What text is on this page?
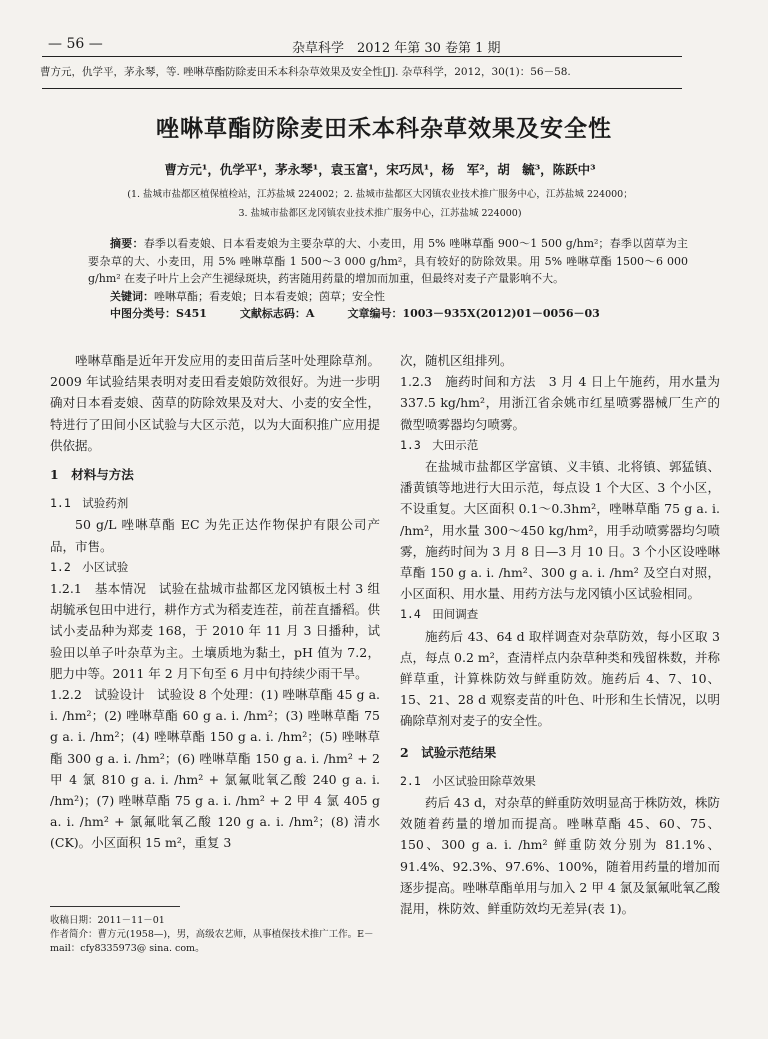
— 56 —	杂草科学　2012 年第 30 卷第 1 期
曹方元，仇学平，茅永琴，等. 唑啉草酯防除麦田禾本科杂草效果及安全性[J]. 杂草科学，2012，30(1)：56－58.
唑啉草酯防除麦田禾本科杂草效果及安全性
曹方元¹，仇学平¹，茅永琴¹，袁玉富¹，宋巧凤¹，杨　军²，胡　毓³，陈跃中³
(1. 盐城市盐都区植保植检站，江苏盐城 224002；2. 盐城市盐都区大冈镇农业技术推广服务中心，江苏盐城 224000；
3. 盐城市盐都区龙冈镇农业技术推广服务中心，江苏盐城 224000)

摘要：春季以看麦娘、日本看麦娘为主要杂草的大、小麦田，用 5% 唑啉草酯 900～1 500 g/hm²；春季以茵草为主要杂草的大、小麦田，用 5% 唑啉草酯 1 500～3 000 g/hm²，具有较好的防除效果。用 5% 唑啉草酯 1500～6 000 g/hm² 在麦子叶片上会产生褪绿斑块，药害随用药量的增加而加重，但最终对麦子产量影响不大。

关键词：唑啉草酯；看麦娘；日本看麦娘；茵草；安全性

中图分类号：S451　　　文献标志码：A　　　文章编号：1003－935X(2012)01－0056－03

唑啉草酯是近年开发应用的麦田苗后茎叶处理除草剂。2009 年试验结果表明对麦田看麦娘防效很好。为进一步明确对日本看麦娘、茵草的防除效果及对大、小麦的安全性，特进行了田间小区试验与大区示范，以为大面积推广应用提供依据。

1　材料与方法

1.1　试验药剂

50 g/L 唑啉草酯 EC 为先正达作物保护有限公司产品，市售。

1.2　小区试验

1.2.1　基本情况　试验在盐城市盐都区龙冈镇板土村 3 组胡毓承包田中进行，耕作方式为稻麦连茬，前茬直播稻。供试小麦品种为郑麦 168，于 2010 年 11 月 3 日播种，试验田以单子叶杂草为主。土壤质地为黏土，pH 值为 7.2，肥力中等。2011 年 2 月下旬至 6 月中旬持续少雨干旱。

1.2.2　试验设计　试验设 8 个处理：(1) 唑啉草酯 45 g a. i. /hm²；(2) 唑啉草酯 60 g a. i. /hm²；(3) 唑啉草酯 75 g a. i. /hm²；(4) 唑啉草酯 150 g a. i. /hm²；(5) 唑啉草酯 300 g a. i. /hm²；(6) 唑啉草酯 150 g a. i. /hm² + 2 甲 4 氯 810 g a. i. /hm² + 氯氟吡氧乙酸 240 g a. i. /hm²)；(7) 唑啉草酯 75 g a. i. /hm² + 2 甲 4 氯 405 g a. i. /hm² + 氯氟吡氧乙酸 120 g a. i. /hm²；(8) 清水(CK)。小区面积 15 m²，重复 3

次，随机区组排列。

1.2.3　施药时间和方法　3 月 4 日上午施药，用水量为 337.5 kg/hm²，用浙江省余姚市红星喷雾器械厂生产的微型喷雾器均匀喷雾。

1.3　大田示范

在盐城市盐都区学富镇、义丰镇、北将镇、郭猛镇、潘黄镇等地进行大田示范，每点设 1 个大区、3 个小区，不设重复。大区面积 0.1～0.3hm²，唑啉草酯 75 g a. i. /hm²，用水量 300～450 kg/hm²，用手动喷雾器均匀喷雾，施药时间为 3 月 8 日—3 月 10 日。3 个小区设唑啉草酯 150 g a. i. /hm²、300 g a. i. /hm² 及空白对照，小区面积、用水量、用药方法与龙冈镇小区试验相同。

1.4　田间调查

施药后 43、64 d 取样调查对杂草防效，每小区取 3 点，每点 0.2 m²，查清样点内杂草种类和残留株数，并称鲜草重，计算株防效与鲜重防效。施药后 4、7、10、15、21、28 d 观察麦苗的叶色、叶形和生长情况，以明确除草剂对麦子的安全性。

2　试验示范结果

2.1　小区试验田除草效果

药后 43 d，对杂草的鲜重防效明显高于株防效，株防效随着药量的增加而提高。唑啉草酯 45、60、75、150、300 g a. i. /hm² 鲜重防效分别为 81.1%、91.4%、92.3%、97.6%、100%，随着用药量的增加而逐步提高。唑啉草酯单用与加入 2 甲 4 氯及氯氟吡氧乙酸混用，株防效、鲜重防效均无差异(表 1)。

收稿日期：2011－11－01

作者简介：曹方元(1958—)，男，高级农艺师，从事植保技术推广工作。E－mail：cfy8335973@ sina. com。
